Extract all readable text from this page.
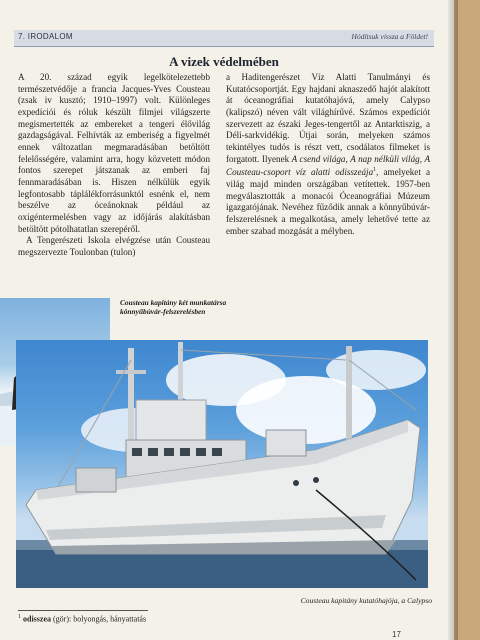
7. IRODALOM	Hódítsuk vissza a Földet!
A vizek védelmében

A 20. század egyik legelkötelezettebb természetvédője a francia Jacques-Yves Cousteau (zsak iv kusztó; 1910–1997) volt. Különleges expedíciói és róluk készült filmjei világszerte megismertették az embereket a tengeri élővilág gazdagságával. Felhívták az emberiség a figyelmét ennek változatlan megmaradásában betöltött felelősségére, valamint arra, hogy közvetett módon fontos szerepet játszanak az emberi faj fennmaradásában is. Hiszen nélkülük egyik legfontosabb táplálékforrásunktól esnénk el, nem beszélve az óceánoknak például az oxigéntermelésben vagy az időjárás alakításban betöltött pótolhatatlan szerepéről.

A Tengerészeti Iskola elvégzése után Cousteau megszervezte Toulonban (tulon)

a Haditengerészet Víz Alatti Tanulmányi és Kutatócsoportját. Egy hajdani aknaszedő hajót alakított át óceanográfiai kutatóhajóvá, amely Calypso (kalipszó) néven vált világhírűvé. Számos expedíciót szervezett az északi Jeges-tengertől az Antarktiszig, a Déli-sarkvidékig. Útjai során, melyeken számos tekintélyes tudós is részt vett, csodálatos filmeket is forgatott. Ilyenek A csend világa, A nap nélküli világ, A Cousteau-csoport víz alatti odisszeája$^1$, amelyeket a világ majd minden országában vetítettek. 1957-ben megválasztották a monacói Óceanográfiai Múzeum igazgatójának. Nevéhez fűződik annak a könnyűbúvár-felszerelésnek a megalkotása, amely lehetővé tette az ember szabad mozgását a mélyben.

Cousteau kapitány két munkatársa könnyűbúvár-felszerelésben
Cousteau kapitány kutatóhajója, a Calypso
$^1$ odisszea (gör): bolyongás, hányattatás
17
